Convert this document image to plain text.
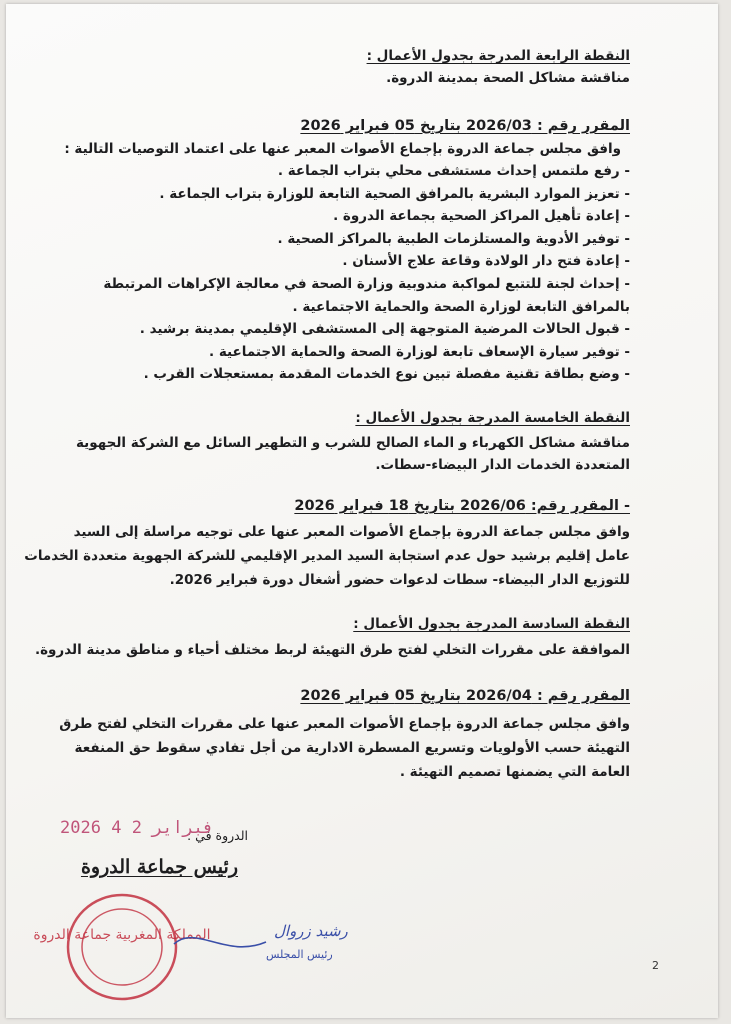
النقطة الرابعة المدرجة بجدول الأعمال :
مناقشة مشاكل الصحة بمدينة الدروة.
المقرر رقم : 2026/03 بتاريخ 05 فبراير 2026
وافق مجلس جماعة الدروة بإجماع الأصوات المعبر عنها على اعتماد التوصيات التالية :
- رفع ملتمس إحداث مستشفى محلي بتراب الجماعة .
- تعزيز الموارد البشرية بالمرافق الصحية التابعة للوزارة بتراب الجماعة .
- إعادة تأهيل المراكز الصحية بجماعة الدروة .
- توفير الأدوية والمستلزمات الطبية بالمراكز الصحية .
- إعادة فتح دار الولادة وقاعة علاج الأسنان .
- إحداث لجنة للتتبع لمواكبة مندوبية وزارة الصحة في معالجة الإكراهات المرتبطة
بالمرافق التابعة لوزارة الصحة والحماية الاجتماعية .
- قبول الحالات المرضية المتوجهة إلى المستشفى الإقليمي بمدينة برشيد .
- توفير سيارة الإسعاف تابعة لوزارة الصحة والحماية الاجتماعية .
- وضع بطاقة تقنية مفصلة تبين نوع الخدمات المقدمة بمستعجلات القرب .
النقطة الخامسة المدرجة بجدول الأعمال :
مناقشة مشاكل الكهرباء و الماء الصالح للشرب و التطهير السائل مع الشركة الجهوية
المتعددة الخدمات الدار البيضاء-سطات.
- المقرر رقم: 2026/06 بتاريخ 18 فبراير 2026
وافق مجلس جماعة الدروة بإجماع الأصوات المعبر عنها على توجيه مراسلة إلى السيد
عامل إقليم برشيد حول عدم استجابة السيد المدير الإقليمي للشركة الجهوية متعددة الخدمات
للتوزيع الدار البيضاء- سطات لدعوات حضور أشغال دورة فبراير 2026.
النقطة السادسة المدرجة بجدول الأعمال :
الموافقة على مقررات التخلي لفتح طرق التهيئة لربط مختلف أحياء و مناطق مدينة الدروة.
المقرر رقم : 2026/04 بتاريخ 05 فبراير 2026
وافق مجلس جماعة الدروة بإجماع الأصوات المعبر عنها على مقررات التخلي لفتح طرق
التهيئة حسب الأولويات وتسريع المسطرة الادارية من أجل تفادي سقوط حق المنفعة
العامة التي يضمنها تصميم التهيئة .
الدروة في :
2026 فبراير 2 4
رئيس جماعة الدروة
المملكة المغربية جماعة الدروة	رشيد زروال
رئيس المجلس
2
